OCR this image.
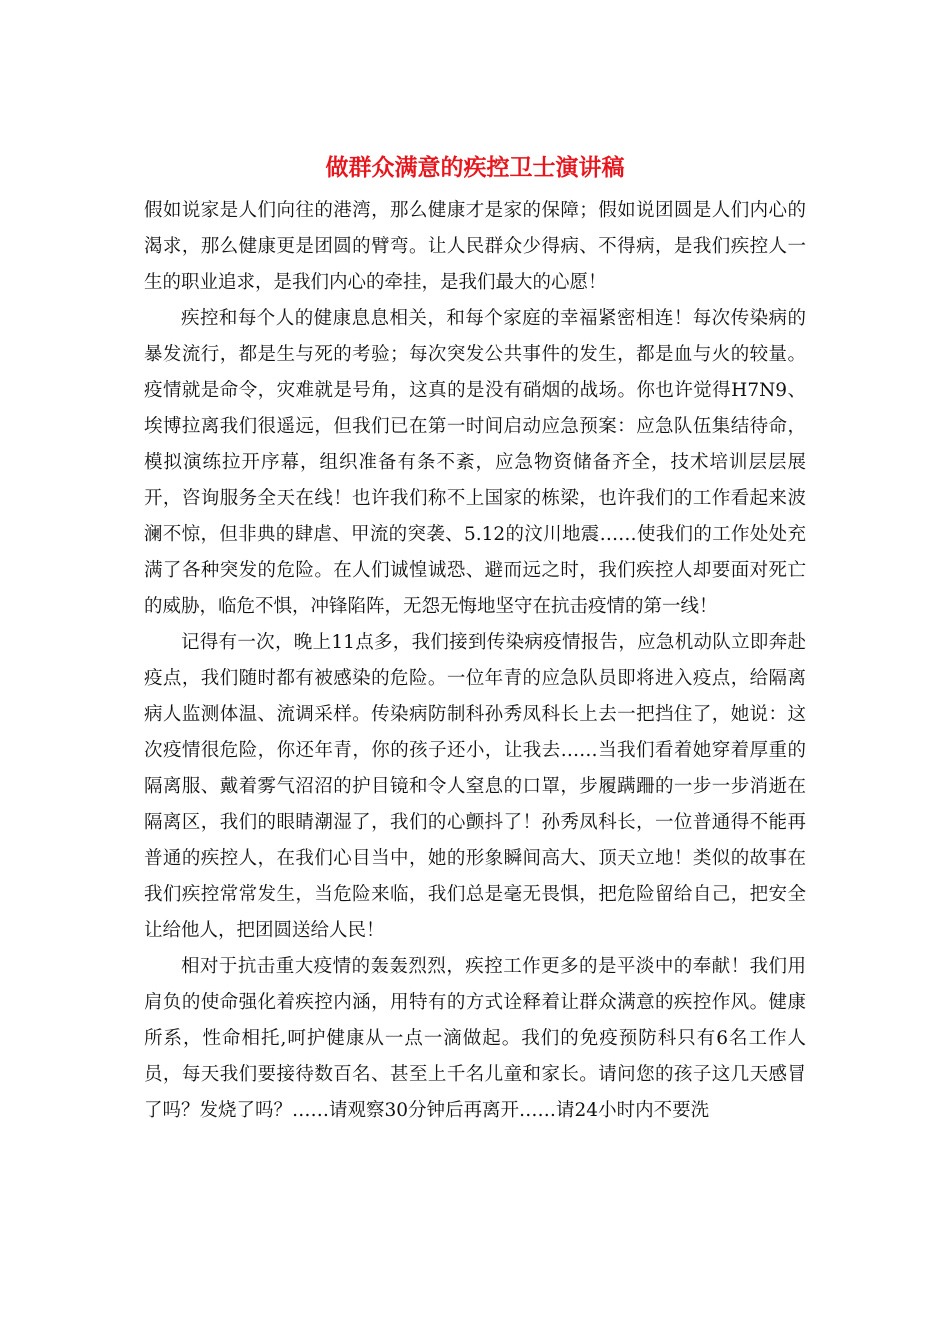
做群众满意的疾控卫士演讲稿

假如说家是人们向往的港湾，那么健康才是家的保障；假如说团圆是人们内心的渴求，那么健康更是团圆的臂弯。让人民群众少得病、不得病，是我们疾控人一生的职业追求，是我们内心的牵挂，是我们最大的心愿！

疾控和每个人的健康息息相关，和每个家庭的幸福紧密相连！每次传染病的暴发流行，都是生与死的考验；每次突发公共事件的发生，都是血与火的较量。疫情就是命令，灾难就是号角，这真的是没有硝烟的战场。你也许觉得H7N9、埃博拉离我们很遥远，但我们已在第一时间启动应急预案：应急队伍集结待命，模拟演练拉开序幕，组织准备有条不紊，应急物资储备齐全，技术培训层层展开，咨询服务全天在线！也许我们称不上国家的栋梁，也许我们的工作看起来波澜不惊，但非典的肆虐、甲流的突袭、5.12的汶川地震……使我们的工作处处充满了各种突发的危险。在人们诚惶诚恐、避而远之时，我们疾控人却要面对死亡的威胁，临危不惧，冲锋陷阵，无怨无悔地坚守在抗击疫情的第一线！

记得有一次，晚上11点多，我们接到传染病疫情报告，应急机动队立即奔赴疫点，我们随时都有被感染的危险。一位年青的应急队员即将进入疫点，给隔离病人监测体温、流调采样。传染病防制科孙秀凤科长上去一把挡住了，她说：这次疫情很危险，你还年青，你的孩子还小，让我去……当我们看着她穿着厚重的隔离服、戴着雾气沼沼的护目镜和令人窒息的口罩，步履蹒跚的一步一步消逝在隔离区，我们的眼睛潮湿了，我们的心颤抖了！孙秀凤科长，一位普通得不能再普通的疾控人，在我们心目当中，她的形象瞬间高大、顶天立地！类似的故事在我们疾控常常发生，当危险来临，我们总是毫无畏惧，把危险留给自己，把安全让给他人，把团圆送给人民！

相对于抗击重大疫情的轰轰烈烈，疾控工作更多的是平淡中的奉献！我们用肩负的使命强化着疾控内涵，用特有的方式诠释着让群众满意的疾控作风。健康所系，性命相托,呵护健康从一点一滴做起。我们的免疫预防科只有6名工作人员，每天我们要接待数百名、甚至上千名儿童和家长。请问您的孩子这几天感冒了吗？发烧了吗？……请观察30分钟后再离开……请24小时内不要洗
